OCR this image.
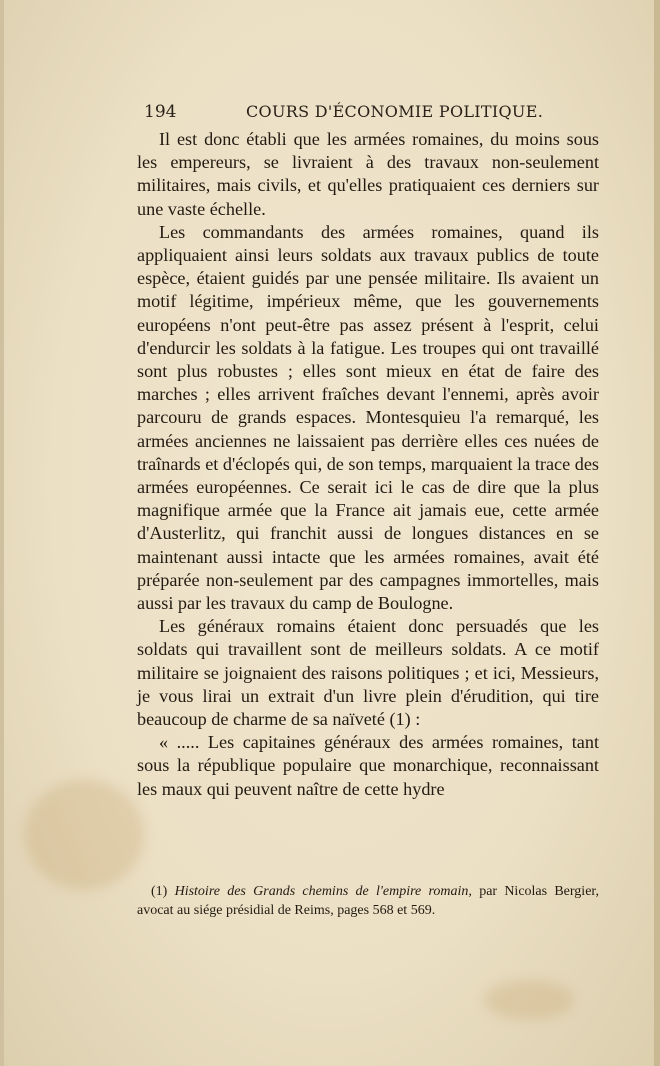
194	COURS D'ÉCONOMIE POLITIQUE.

Il est donc établi que les armées romaines, du moins sous les empereurs, se livraient à des travaux non-seulement militaires, mais civils, et qu'elles pratiquaient ces derniers sur une vaste échelle.

Les commandants des armées romaines, quand ils appliquaient ainsi leurs soldats aux travaux publics de toute espèce, étaient guidés par une pensée militaire. Ils avaient un motif légitime, impérieux même, que les gouvernements européens n'ont peut-être pas assez présent à l'esprit, celui d'endurcir les soldats à la fatigue. Les troupes qui ont travaillé sont plus robustes ; elles sont mieux en état de faire des marches ; elles arrivent fraîches devant l'ennemi, après avoir parcouru de grands espaces. Montesquieu l'a remarqué, les armées anciennes ne laissaient pas derrière elles ces nuées de traînards et d'éclopés qui, de son temps, marquaient la trace des armées européennes. Ce serait ici le cas de dire que la plus magnifique armée que la France ait jamais eue, cette armée d'Austerlitz, qui franchit aussi de longues distances en se maintenant aussi intacte que les armées romaines, avait été préparée non-seulement par des campagnes immortelles, mais aussi par les travaux du camp de Boulogne.

Les généraux romains étaient donc persuadés que les soldats qui travaillent sont de meilleurs soldats. A ce motif militaire se joignaient des raisons politiques ; et ici, Messieurs, je vous lirai un extrait d'un livre plein d'érudition, qui tire beaucoup de charme de sa naïveté (1) :

« ..... Les capitaines généraux des armées romaines, tant sous la république populaire que monarchique, reconnaissant les maux qui peuvent naître de cette hydre

(1) Histoire des Grands chemins de l'empire romain, par Nicolas Bergier, avocat au siége présidial de Reims, pages 568 et 569.
